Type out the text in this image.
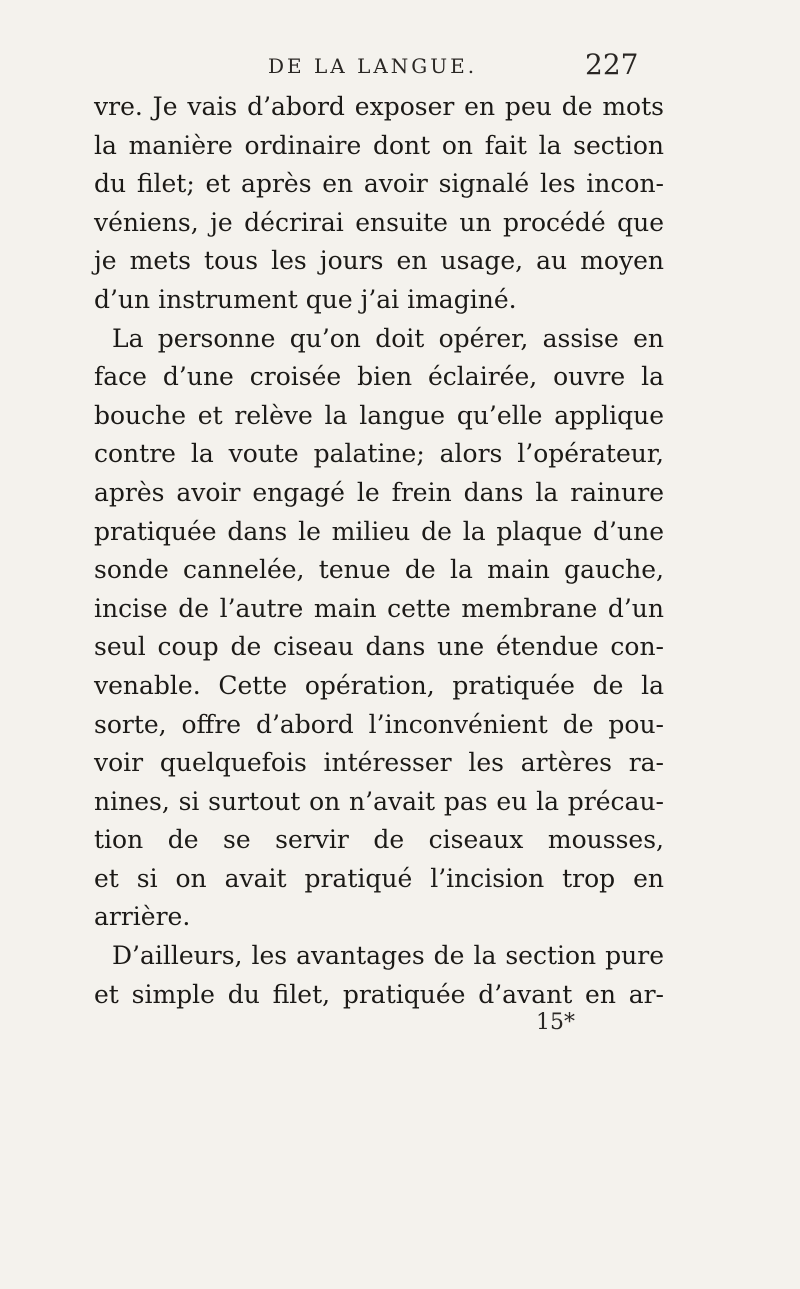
DE LA LANGUE.	227
vre. Je vais d’abord exposer en peu de mots
la manière ordinaire dont on fait la section
du filet; et après en avoir signalé les incon-
véniens, je décrirai ensuite un procédé que
je mets tous les jours en usage, au moyen
d’un instrument que j’ai imaginé.
La personne qu’on doit opérer, assise en
face d’une croisée bien éclairée, ouvre la
bouche et relève la langue qu’elle applique
contre la voute palatine; alors l’opérateur,
après avoir engagé le frein dans la rainure
pratiquée dans le milieu de la plaque d’une
sonde cannelée, tenue de la main gauche,
incise de l’autre main cette membrane d’un
seul coup de ciseau dans une étendue con-
venable. Cette opération, pratiquée de la
sorte, offre d’abord l’inconvénient de pou-
voir quelquefois intéresser les artères ra-
nines, si surtout on n’avait pas eu la précau-
tion de se servir de ciseaux mousses,
et si on avait pratiqué l’incision trop en
arrière.
D’ailleurs, les avantages de la section pure
et simple du filet, pratiquée d’avant en ar-
15*
